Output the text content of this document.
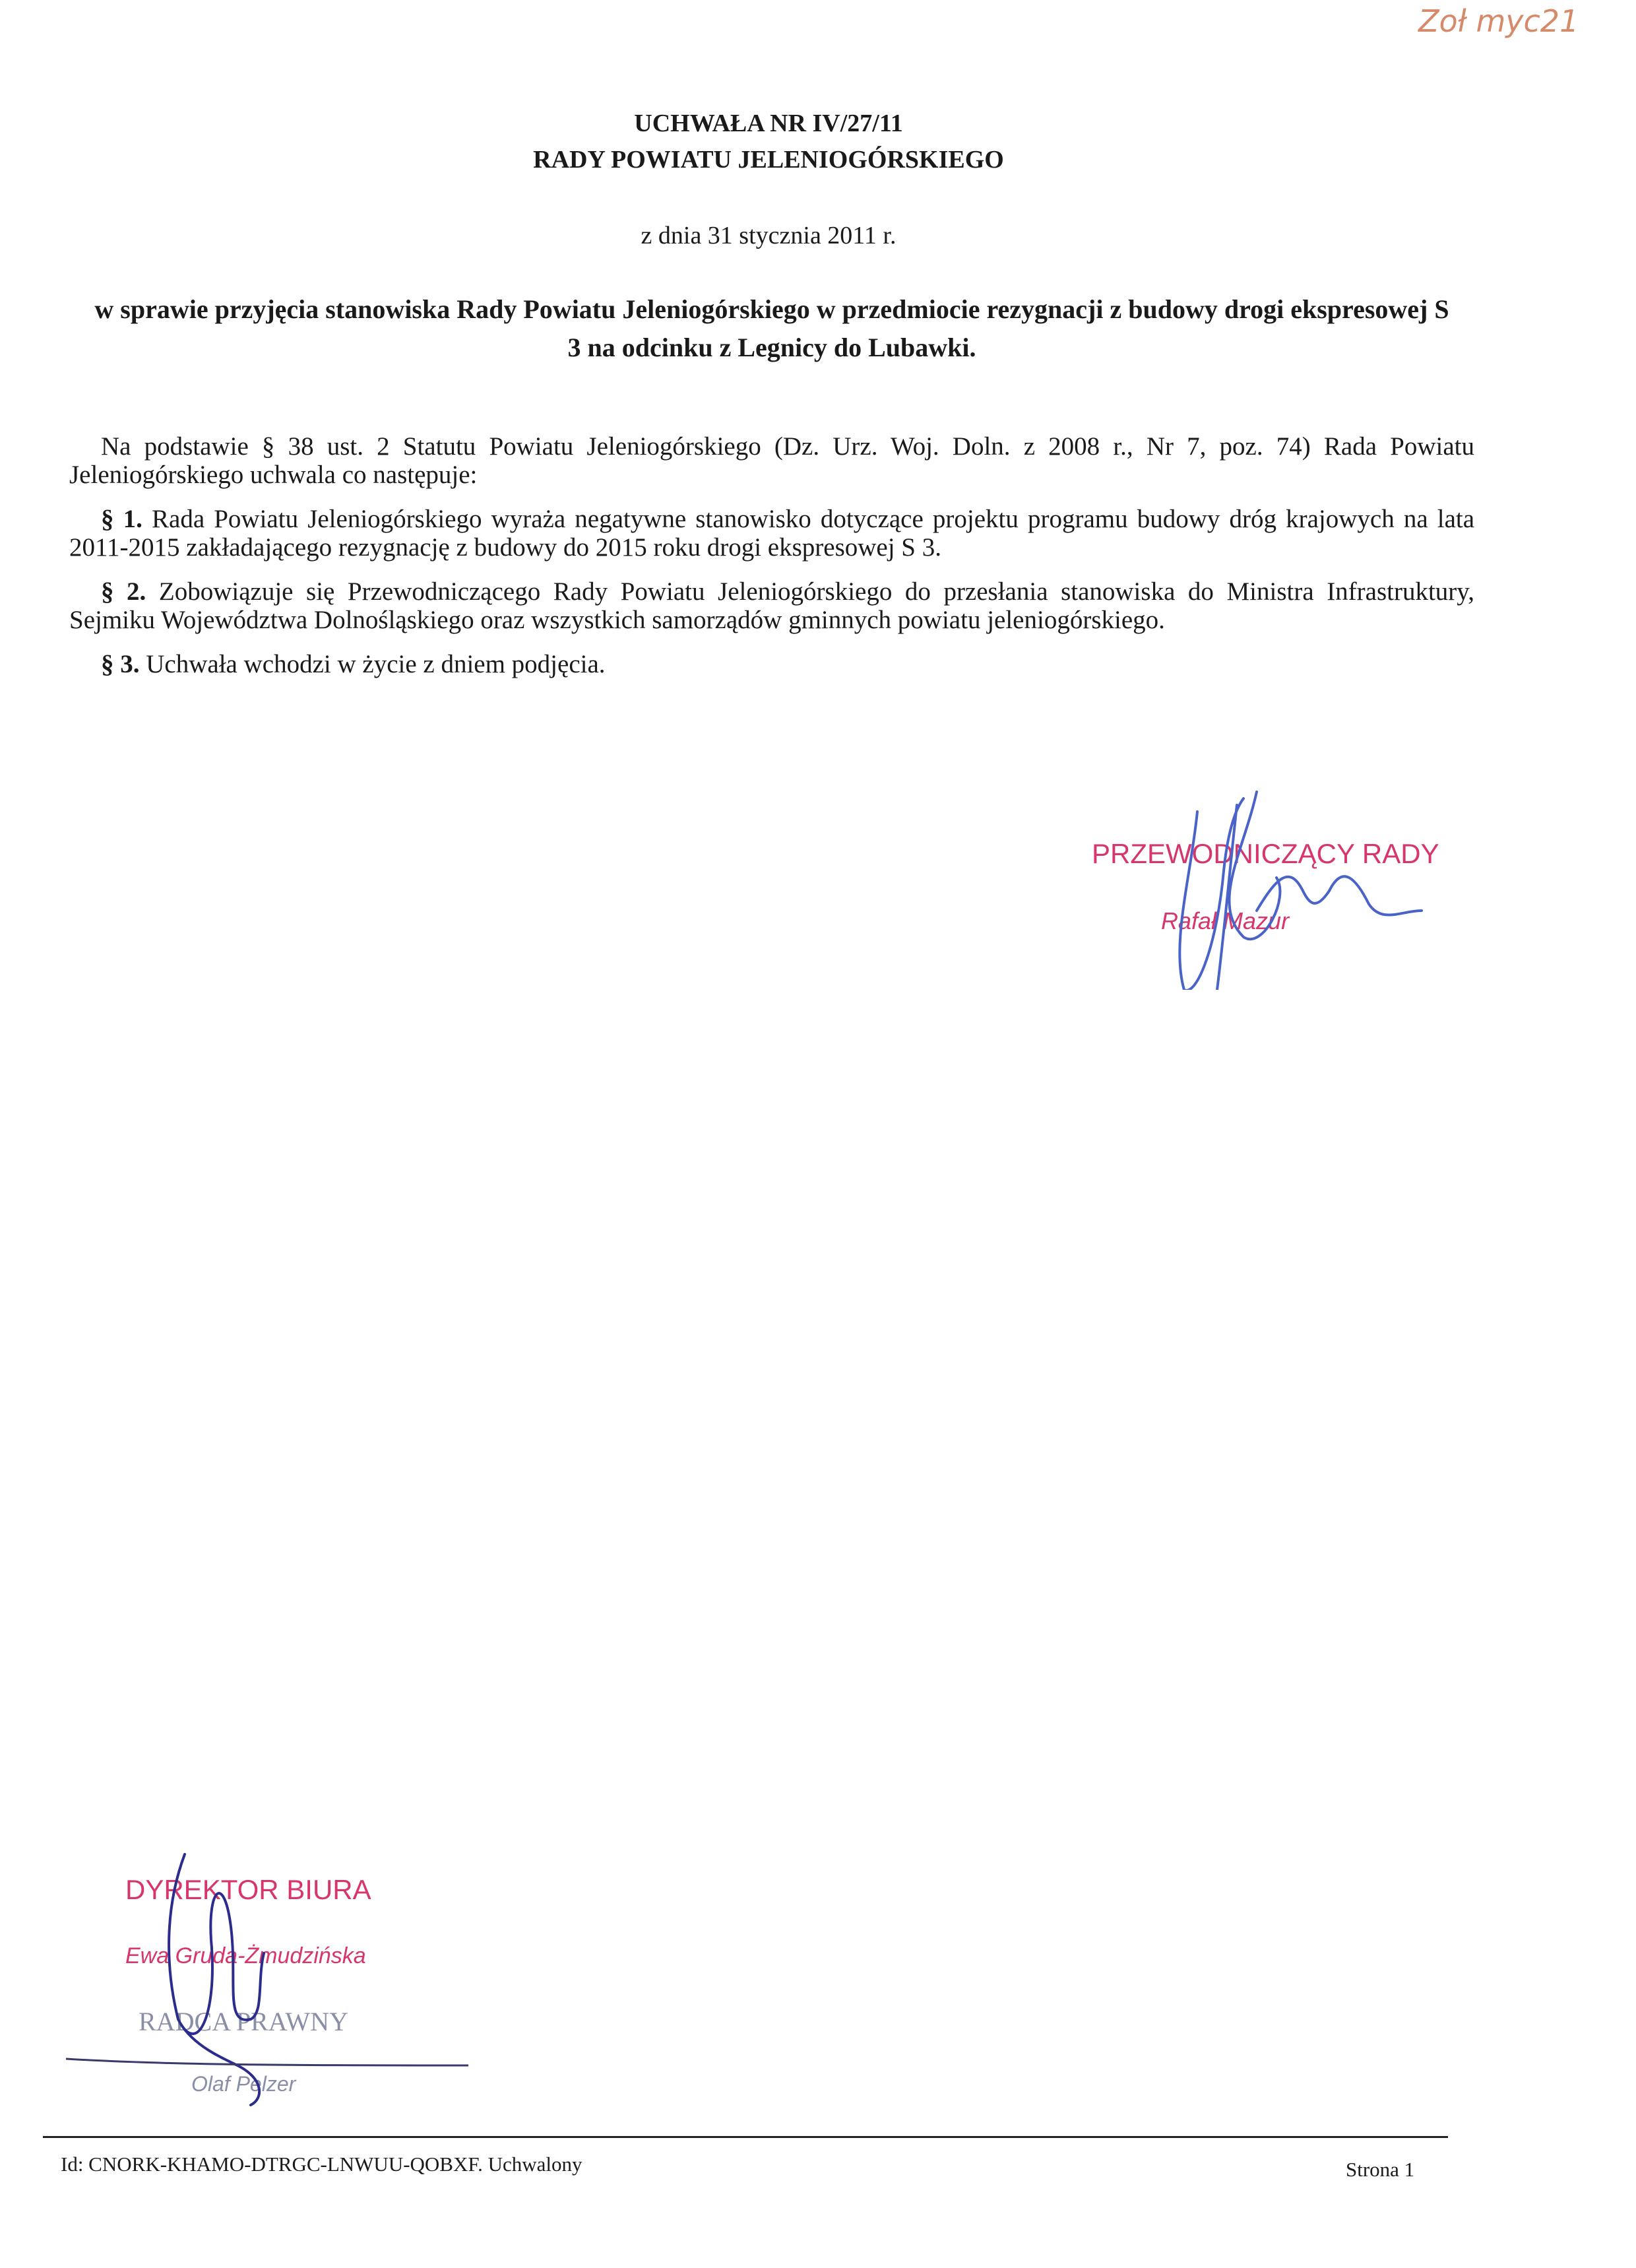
Zoł myc21
UCHWAŁA NR IV/27/11
RADY POWIATU JELENIOGÓRSKIEGO
z dnia 31 stycznia 2011 r.
w sprawie przyjęcia stanowiska Rady Powiatu Jeleniogórskiego w przedmiocie rezygnacji z budowy drogi ekspresowej S 3 na odcinku z Legnicy do Lubawki.

Na podstawie § 38 ust. 2 Statutu Powiatu Jeleniogórskiego (Dz. Urz. Woj. Doln. z 2008 r., Nr 7, poz. 74) Rada Powiatu Jeleniogórskiego uchwala co następuje:

§ 1. Rada Powiatu Jeleniogórskiego wyraża negatywne stanowisko dotyczące projektu programu budowy dróg krajowych na lata 2011-2015 zakładającego rezygnację z budowy do 2015 roku drogi ekspresowej S 3.

§ 2. Zobowiązuje się Przewodniczącego Rady Powiatu Jeleniogórskiego do przesłania stanowiska do Ministra Infrastruktury, Sejmiku Województwa Dolnośląskiego oraz wszystkich samorządów gminnych powiatu jeleniogórskiego.

§ 3. Uchwała wchodzi w życie z dniem podjęcia.

PRZEWODNICZĄCY RADY
Rafał Mazur
DYREKTOR BIURA
Ewa Gruda-Żmudzińska
RADCA PRAWNY
Olaf Pelzer
Id: CNORK-KHAMO-DTRGC-LNWUU-QOBXF. Uchwalony	Strona 1
